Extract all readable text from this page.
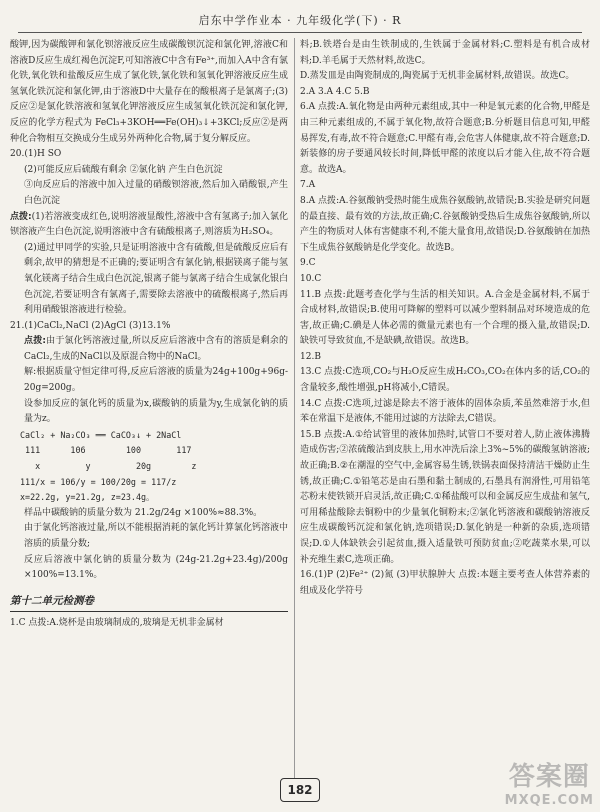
启东中学作业本 · 九年级化学(下) · R

酸钾,因为碳酸钾和氯化钡溶液反应生成碳酸钡沉淀和氯化钾,溶液C和溶液D反应生成红褐色沉淀F,可知溶液C中含有Fe³⁺,而加入A中含有氯化铁,氧化铁和盐酸反应生成了氯化铁,氯化铁和氢氧化钾溶液反应生成氢氧化铁沉淀和氯化钾,由于溶液D中大量存在的酸根离子是氯离子;(3)反应②是氯化铁溶液和氢氧化钾溶液反应生成氢氧化铁沉淀和氯化钾,反应的化学方程式为 FeCl₃+3KOH══Fe(OH)₃↓+3KCl;反应②是两种化合物相互交换成分生成另外两种化合物,属于复分解反应。

20.(1)H SO

(2)可能反应后硫酸有剩余 ②氯化钠 产生白色沉淀

③向反应后的溶液中加入过量的硝酸钡溶液,然后加入硝酸银,产生白色沉淀

点拨:(1)若溶液变成红色,说明溶液显酸性,溶液中含有氢离子;加入氯化钡溶液产生白色沉淀,说明溶液中含有硫酸根离子,则溶质为H₂SO₄。

(2)通过甲同学的实验,只是证明溶液中含有硫酸,但是硫酸反应后有剩余,故甲的猜想是不正确的;要证明含有氯化钠,根据镁离子能与氢氧化镁离子结合生成白色沉淀,银离子能与氯离子结合生成氯化银白色沉淀,若要证明含有氯离子,需要除去溶液中的硫酸根离子,然后再利用硝酸银溶液进行检验。

21.(1)CaCl₂,NaCl (2)AgCl (3)13.1%

点拨:由于氯化钙溶液过量,所以反应后溶液中含有的溶质是剩余的CaCl₂,生成的NaCl以及原混合物中的NaCl。

解:根据质量守恒定律可得,反应后溶液的质量为24g+100g+96g-20g=200g。

设参加反应的氯化钙的质量为x,碳酸钠的质量为y,生成氯化钠的质量为z。

CaCl₂ + Na₂CO₃ ══ CaCO₃↓ + 2NaCl

111      106        100       117

x         y         20g        z

111/x = 106/y = 100/20g = 117/z

x=22.2g, y=21.2g, z=23.4g。

样品中碳酸钠的质量分数为 21.2g/24g ×100%≈88.3%。

由于氯化钙溶液过量,所以不能根据消耗的氯化钙计算氯化钙溶液中溶质的质量分数;

反应后溶液中氯化钠的质量分数为 (24g-21.2g+23.4g)/200g ×100%=13.1%。

第十二单元检测卷

1.C 点拨:A.烧杯是由玻璃制成的,玻璃是无机非金属材

料;B.铁塔台是由生铁制成的,生铁属于金属材料;C.塑料是有机合成材料;D.羊毛属于天然材料,故选C。

D.蒸发皿是由陶瓷制成的,陶瓷属于无机非金属材料,故错误。故选C。

2.A 3.A 4.C 5.B

6.A 点拨:A.氧化物是由两种元素组成,其中一种是氧元素的化合物,甲醛是由三种元素组成的,不属于氧化物,故符合题意;B.分析题目信息可知,甲醛易挥发,有毒,故不符合题意;C.甲醛有毒,会危害人体健康,故不符合题意;D.新装修的房子要通风较长时间,降低甲醛的浓度以后才能入住,故不符合题意。故选A。

7.A

8.A 点拨:A.谷氨酸钠受热时能生成焦谷氨酸钠,故错误;B.实验是研究问题的最直接、最有效的方法,故正确;C.谷氨酸钠受热后生成焦谷氨酸钠,所以产生的物质对人体有害健康不利,不能大量食用,故错误;D.谷氨酸钠在加热下生成焦谷氨酸钠是化学变化。故选B。

9.C

10.C

11.B 点拨:此题考查化学与生活的相关知识。A.合金是金属材料,不属于合成材料,故错误;B.使用可降解的塑料可以减少塑料制品对环境造成的危害,故正确;C.碘是人体必需的微量元素也有一个合理的摄入量,故错误;D.缺铁可导致贫血,不是缺碘,故错误。故选B。

12.B

13.C 点拨:C选项,CO₂与H₂O反应生成H₂CO₃,CO₂在体内多的话,CO₂的含量较多,酸性增强,pH将减小,C错误。

14.C 点拨:C选项,过滤是除去不溶于液体的固体杂质,苯虽然难溶于水,但苯在常温下是液体,不能用过滤的方法除去,C错误。

15.B 点拨:A.①给试管里的液体加热时,试管口不要对着人,防止液体沸腾造成伤害;②浓硫酸沾到皮肤上,用水冲洗后涂上3%~5%的碳酸氢钠溶液;故正确;B.②在潮湿的空气中,金属容易生锈,铁锅表面保持清洁干燥防止生锈,故正确;C.①铅笔芯是由石墨和黏土制成的,石墨具有润滑性,可用铅笔芯粉末使铁锁开启灵活,故正确;C.①稀盐酸可以和金属反应生成盐和氢气,可用稀盐酸除去铜粉中的少量氧化铜粉末;②氯化钙溶液和碳酸钠溶液反应生成碳酸钙沉淀和氯化钠,选项错误;D.氯化钠是一种新的杂质,选项错误;D.①人体缺铁会引起贫血,摄入适量铁可预防贫血;②吃蔬菜水果,可以补充维生素C,选项正确。

16.(1)P (2)Fe²⁺ (2)氮 (3)甲状腺肿大 点拨:本题主要考查人体营养素的组成及化学符号

182	答案圈
MXQE.COM
